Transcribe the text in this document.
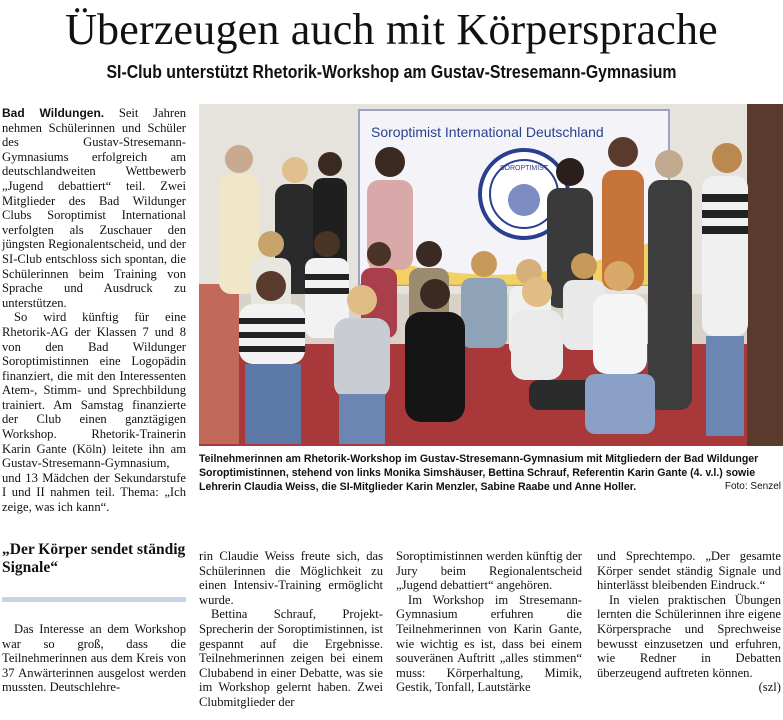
Überzeugen auch mit Körpersprache
SI-Club unterstützt Rhetorik-Workshop am Gustav-Stresemann-Gymnasium

Bad Wildungen. Seit Jahren nehmen Schülerinnen und Schüler des Gustav-Stresemann-Gymnasiums erfolgreich am deutschlandweiten Wettbewerb „Jugend debattiert“ teil. Zwei Mitglieder des Bad Wildunger Clubs Soroptimist International verfolgten als Zuschauer den jüngsten Regionalentscheid, und der SI-Club entschloss sich spontan, die Schülerinnen beim Training von Sprache und Ausdruck zu unterstützen.

So wird künftig für eine Rhetorik-AG der Klassen 7 und 8 von den Bad Wildunger Soroptimistinnen eine Logopädin finanziert, die mit den Interessenten Atem-, Stimm- und Sprechbildung trainiert. Am Samstag finanzierte der Club einen ganztägigen Workshop. Rhetorik-Trainerin Karin Gante (Köln) leitete ihn am Gustav-Stresemann-Gymnasium, und 13 Mädchen der Sekundarstufe I und II nahmen teil. Thema: „Ich zeige, was ich kann“.

„Der Körper sendet ständig Signale“

Das Interesse an dem Workshop war so groß, dass die Teilnehmerinnen aus dem Kreis von 37 Anwärterinnen ausgelost werden mussten. Deutschlehre-

Soroptimist International Deutschland
SOROPTIMIST
Teilnehmerinnen am Rhetorik-Workshop im Gustav-Stresemann-Gymnasium mit Mitgliedern der Bad Wildunger Soroptimistinnen, stehend von links Monika Simshäuser, Bettina Schrauf, Referentin Karin Gante (4. v.l.) sowie Lehrerin Claudia Weiss, die SI-Mitglieder Karin Menzler, Sabine Raabe und Anne Holler.	Foto: Senzel

rin Claudie Weiss freute sich, das Schülerinnen die Möglichkeit zu einen Intensiv-Training ermöglicht wurde.

Bettina Schrauf, Projekt-Sprecherin der Soroptimistinnen, ist gespannt auf die Ergebnisse. Teilnehmerinnen zeigen bei einem Clubabend in einer Debatte, was sie im Workshop gelernt haben. Zwei Clubmitglieder der

Soroptimistinnen werden künftig der Jury beim Regionalentscheid „Jugend debattiert“ angehören.

Im Workshop im Stresemann-Gymnasium erfuhren die Teilnehmerinnen von Karin Gante, wie wichtig es ist, dass bei einem souveränen Auftritt „alles stimmen“ muss: Körperhaltung, Mimik, Gestik, Tonfall, Lautstärke

und Sprechtempo. „Der gesamte Körper sendet ständig Signale und hinterlässt bleibenden Eindruck.“

In vielen praktischen Übungen lernten die Schülerinnen ihre eigene Körpersprache und Sprechweise bewusst einzusetzen und erfuhren, wie Redner in Debatten überzeugend auftreten können.
(szl)
